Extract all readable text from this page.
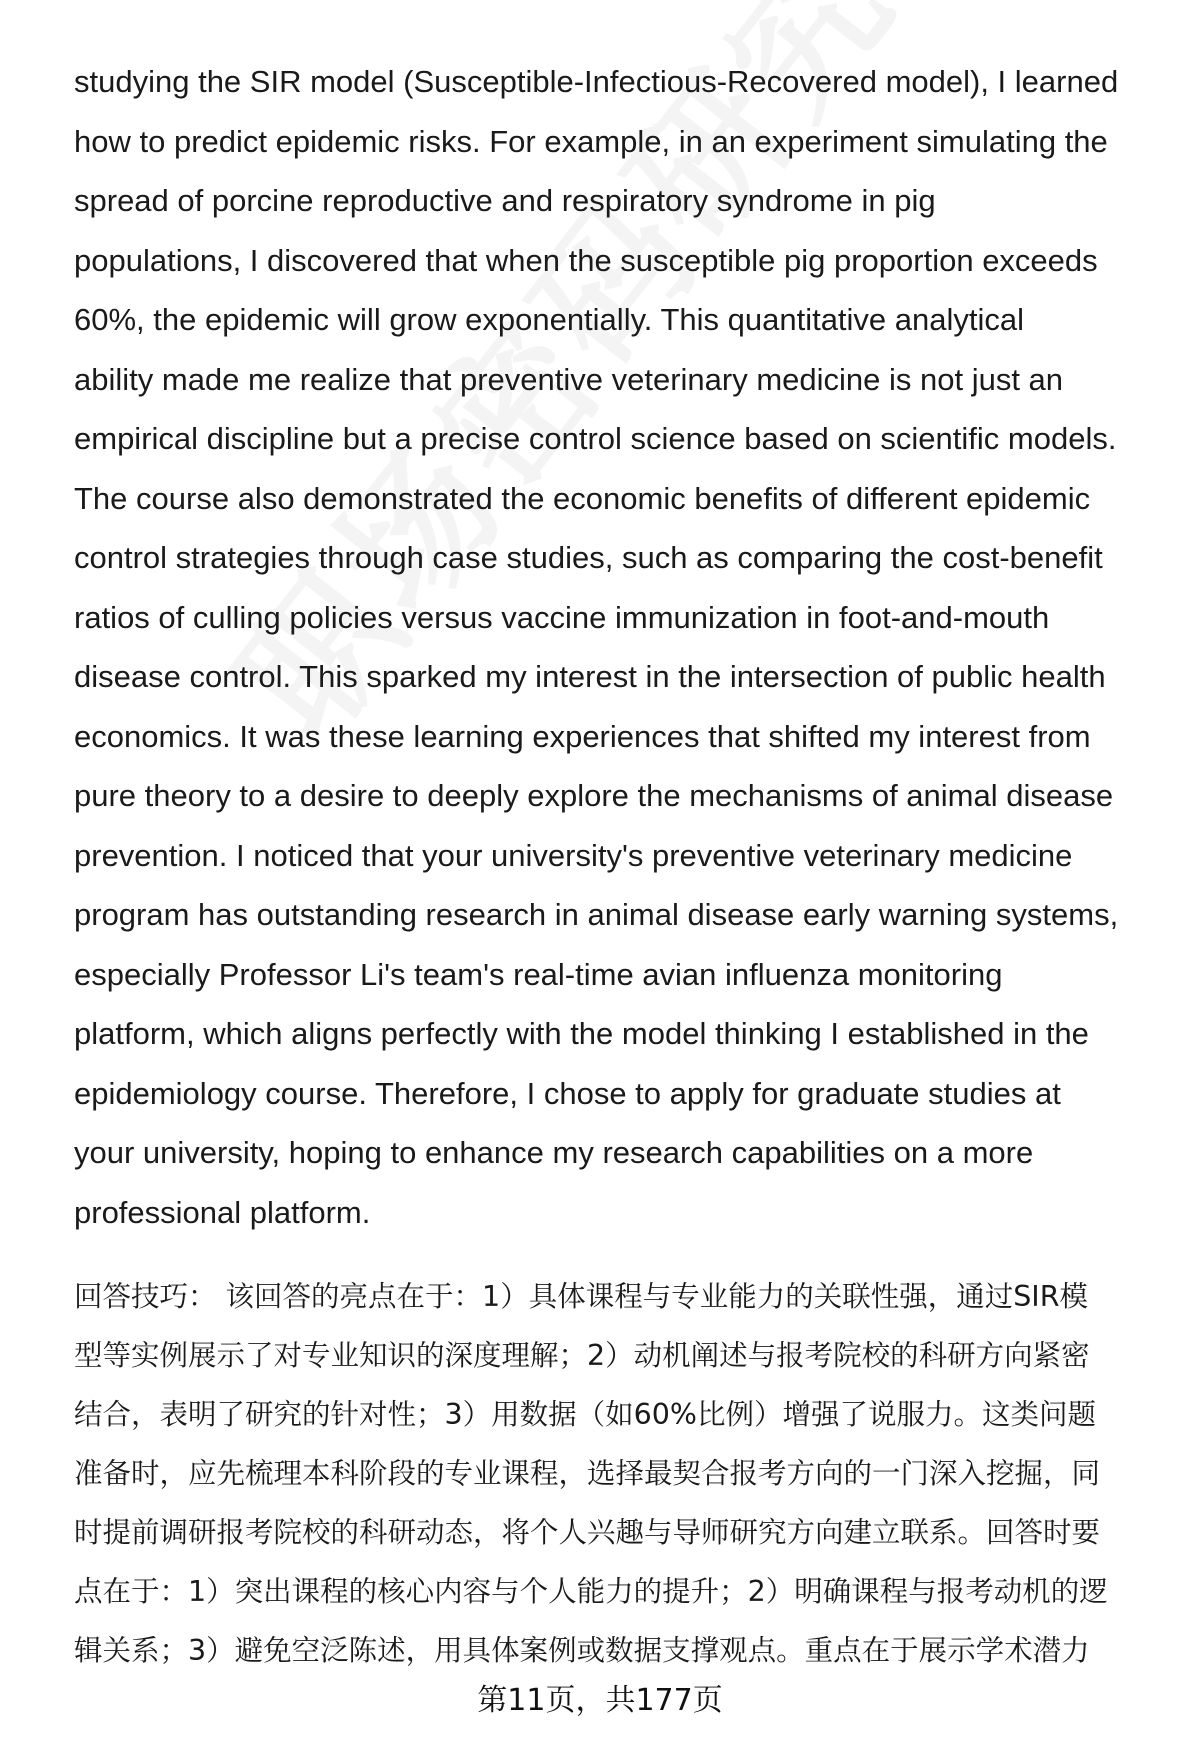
studying the SIR model (Susceptible-Infectious-Recovered model), I learned
how to predict epidemic risks. For example, in an experiment simulating the
spread of porcine reproductive and respiratory syndrome in pig
populations, I discovered that when the susceptible pig proportion exceeds
60%, the epidemic will grow exponentially. This quantitative analytical
ability made me realize that preventive veterinary medicine is not just an
empirical discipline but a precise control science based on scientific models.
The course also demonstrated the economic benefits of different epidemic
control strategies through case studies, such as comparing the cost-benefit
ratios of culling policies versus vaccine immunization in foot-and-mouth
disease control. This sparked my interest in the intersection of public health
economics. It was these learning experiences that shifted my interest from
pure theory to a desire to deeply explore the mechanisms of animal disease
prevention. I noticed that your university's preventive veterinary medicine
program has outstanding research in animal disease early warning systems,
especially Professor Li's team's real-time avian influenza monitoring
platform, which aligns perfectly with the model thinking I established in the
epidemiology course. Therefore, I chose to apply for graduate studies at
your university, hoping to enhance my research capabilities on a more
professional platform.

回答技巧： 该回答的亮点在于：1）具体课程与专业能力的关联性强，通过SIR模
型等实例展示了对专业知识的深度理解；2）动机阐述与报考院校的科研方向紧密
结合，表明了研究的针对性；3）用数据（如60%比例）增强了说服力。这类问题
准备时，应先梳理本科阶段的专业课程，选择最契合报考方向的一门深入挖掘，同
时提前调研报考院校的科研动态，将个人兴趣与导师研究方向建立联系。回答时要
点在于：1）突出课程的核心内容与个人能力的提升；2）明确课程与报考动机的逻
辑关系；3）避免空泛陈述，用具体案例或数据支撑观点。重点在于展示学术潜力

第11页，共177页
